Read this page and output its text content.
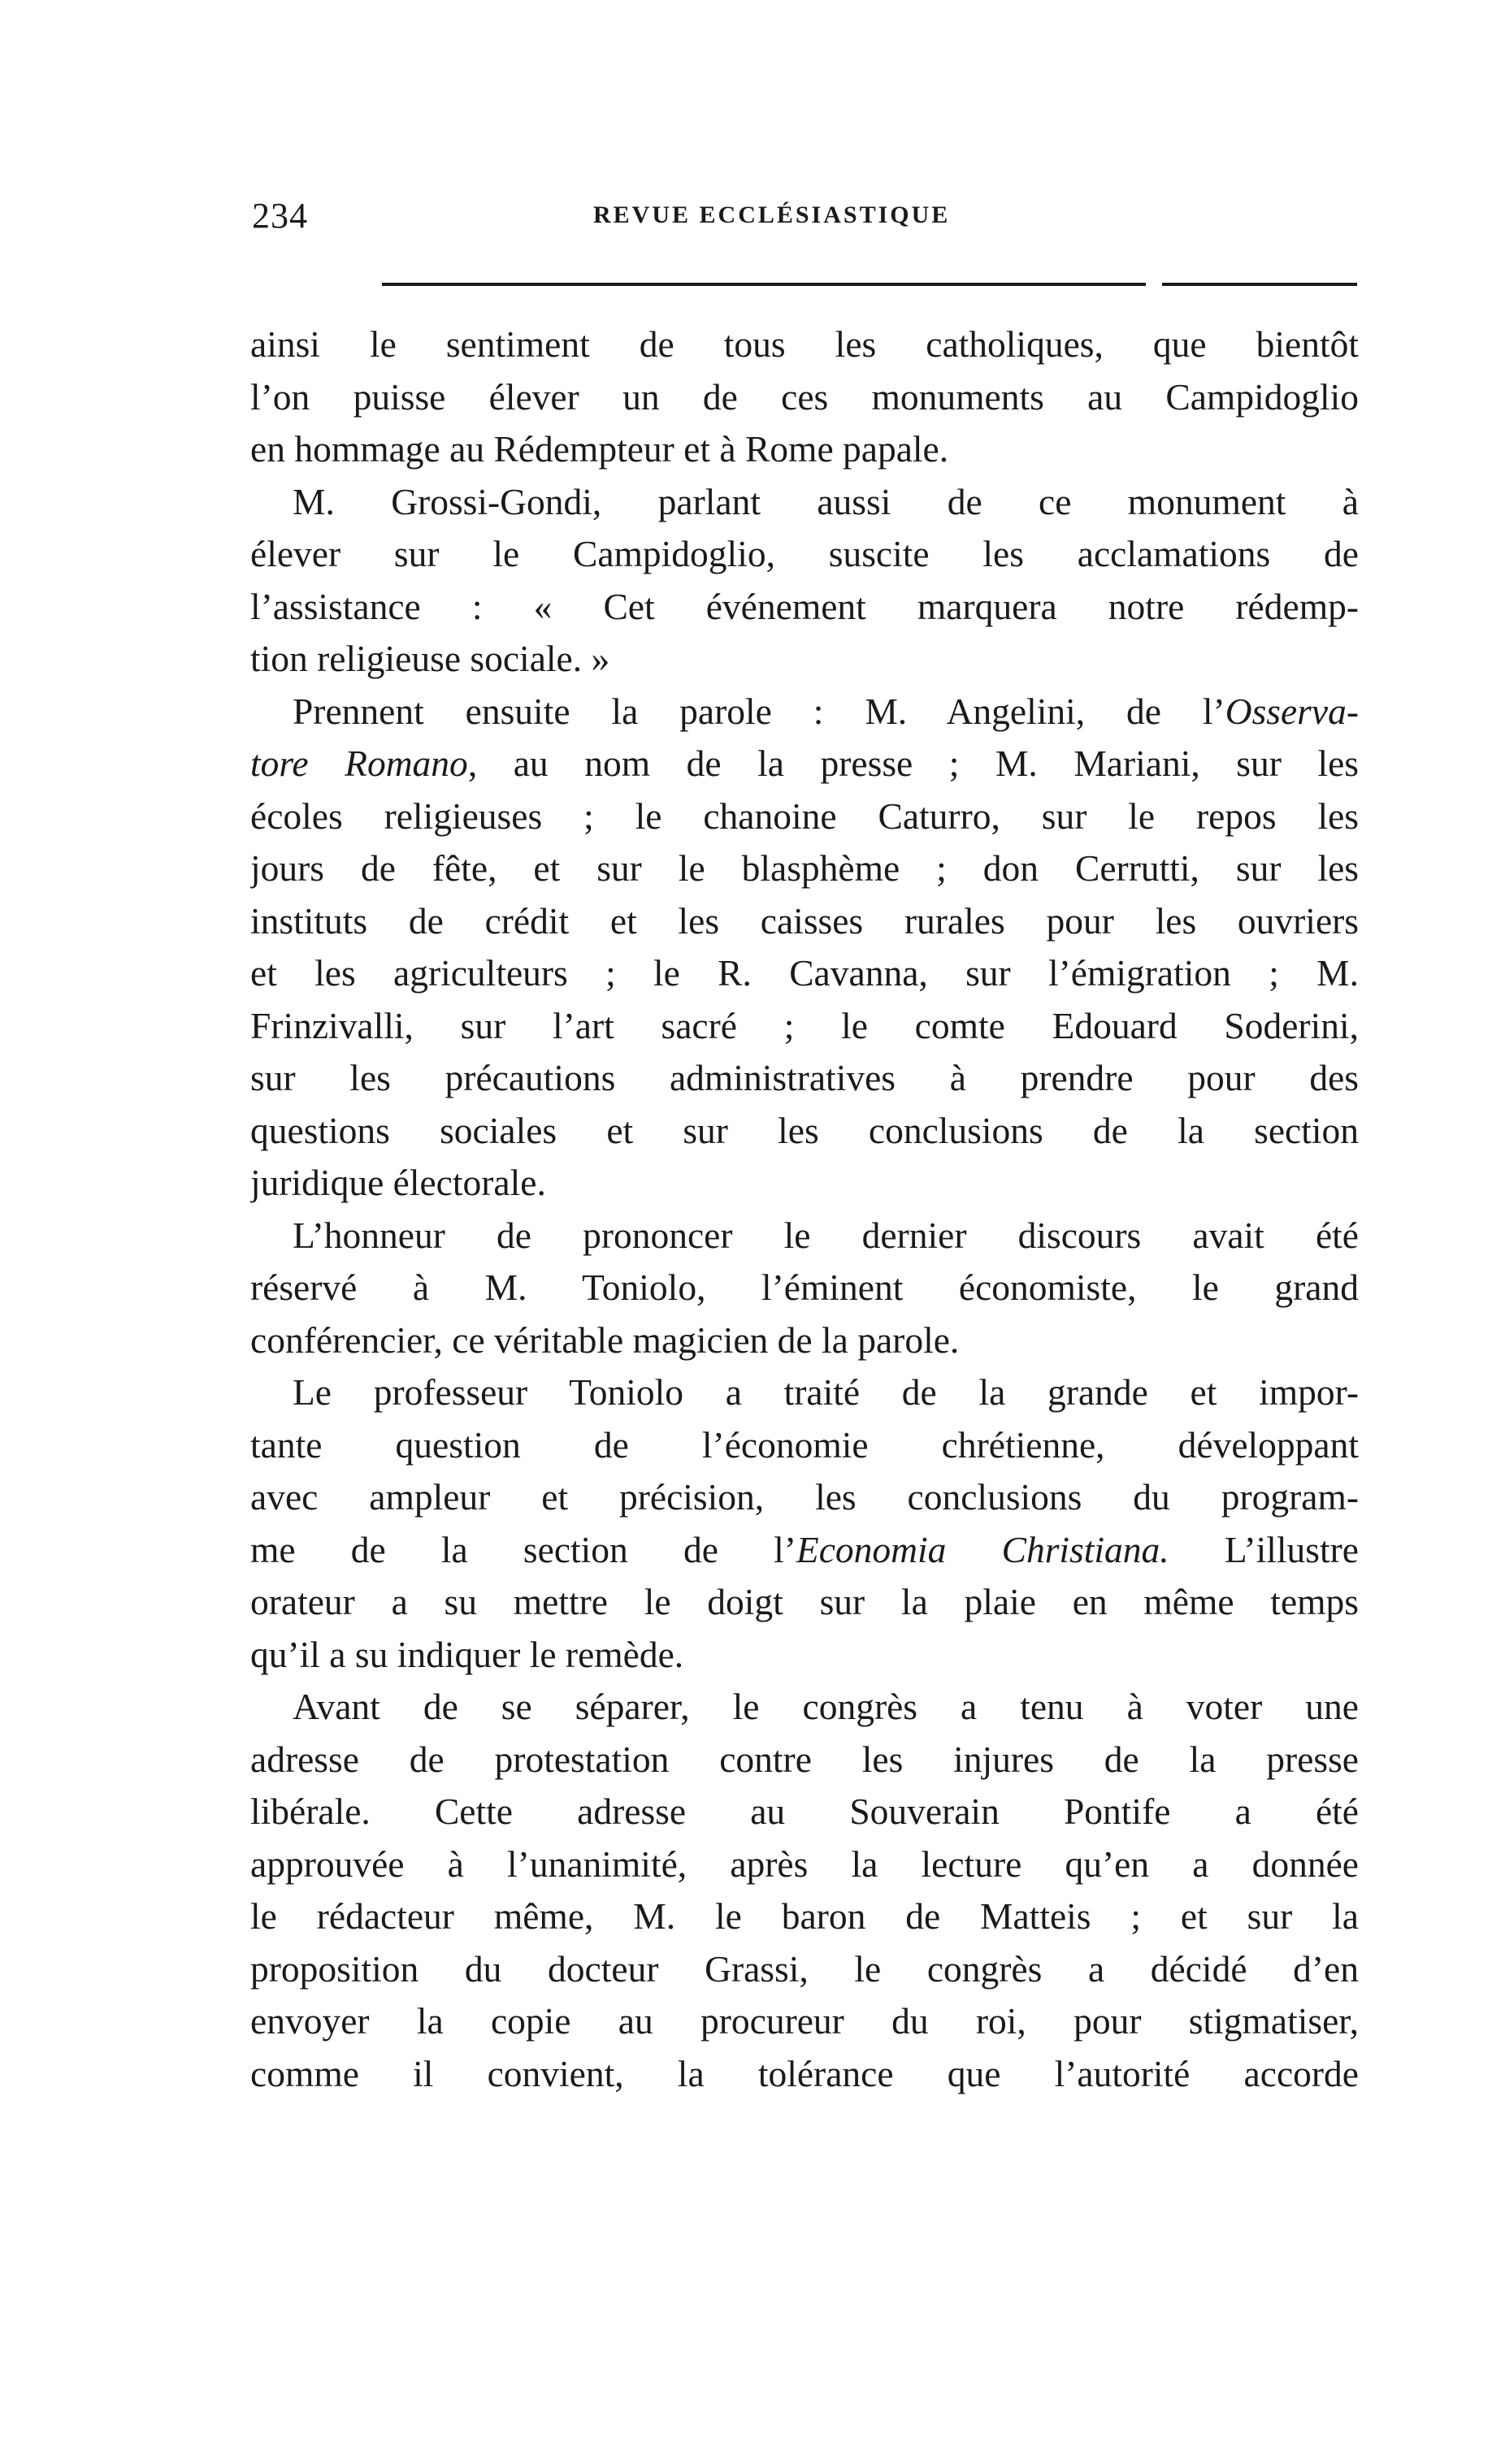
234	REVUE ECCLÉSIASTIQUE
ainsi le sentiment de tous les catholiques, que bientôt
l’on puisse élever un de ces monuments au Campidoglio
en hommage au Rédempteur et à Rome papale.
M. Grossi-Gondi, parlant aussi de ce monument à
élever sur le Campidoglio, suscite les acclamations de
l’assistance : « Cet événement marquera notre rédemp-
tion religieuse sociale. »
Prennent ensuite la parole : M. Angelini, de l’Osserva-
tore Romano, au nom de la presse ; M. Mariani, sur les
écoles religieuses ; le chanoine Caturro, sur le repos les
jours de fête, et sur le blasphème ; don Cerrutti, sur les
instituts de crédit et les caisses rurales pour les ouvriers
et les agriculteurs ; le R. Cavanna, sur l’émigration ; M.
Frinzivalli, sur l’art sacré ; le comte Edouard Soderini,
sur les précautions administratives à prendre pour des
questions sociales et sur les conclusions de la section
juridique électorale.
L’honneur de prononcer le dernier discours avait été
réservé à M. Toniolo, l’éminent économiste, le grand
conférencier, ce véritable magicien de la parole.
Le professeur Toniolo a traité de la grande et impor-
tante question de l’économie chrétienne, développant
avec ampleur et précision, les conclusions du program-
me de la section de l’Economia Christiana. L’illustre
orateur a su mettre le doigt sur la plaie en même temps
qu’il a su indiquer le remède.
Avant de se séparer, le congrès a tenu à voter une
adresse de protestation contre les injures de la presse
libérale. Cette adresse au Souverain Pontife a été
approuvée à l’unanimité, après la lecture qu’en a donnée
le rédacteur même, M. le baron de Matteis ; et sur la
proposition du docteur Grassi, le congrès a décidé d’en
envoyer la copie au procureur du roi, pour stigmatiser,
comme il convient, la tolérance que l’autorité accorde
